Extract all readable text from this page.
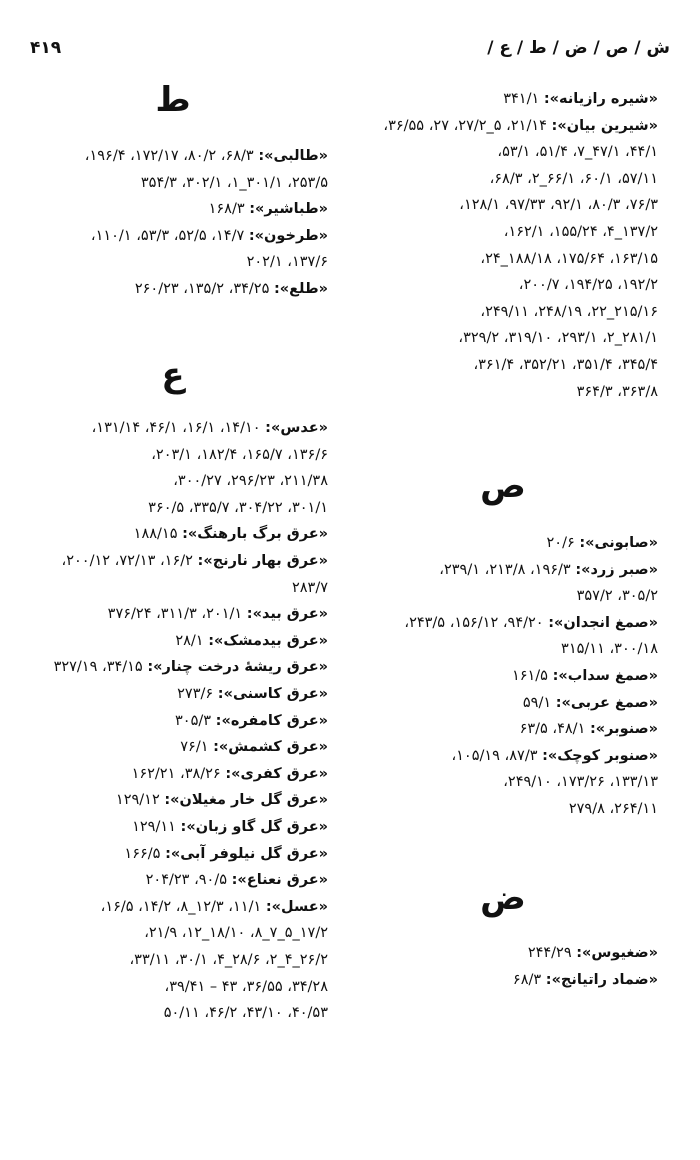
۴۱۹	ش / ص / ض / ط / ع /
«شیره رازیانه»: ۳۴۱/۱
«شیرین بیان»: ۲۱/۱۴، ۵_۲۷/۲، ۲۷، ۳۶/۵۵،
۴۴/۱، ۴۷/۱_۷، ۵۱/۴، ۵۳/۱،
۵۷/۱۱، ۶۰/۱، ۶۶/۱_۲، ۶۸/۳،
۷۶/۳، ۸۰/۳، ۹۲/۱، ۹۷/۳۳، ۱۲۸/۱،
۱۳۷/۲_۴، ۱۵۵/۲۴، ۱۶۲/۱،
۱۶۳/۱۵، ۱۷۵/۶۴، ۱۸۸/۱۸_۲۴،
۱۹۲/۲، ۱۹۴/۲۵، ۲۰۰/۷،
۲۱۵/۱۶_۲۲، ۲۴۸/۱۹، ۲۴۹/۱۱،
۲۸۱/۱_۲، ۲۹۳/۱، ۳۱۹/۱۰، ۳۲۹/۲،
۳۴۵/۴، ۳۵۱/۴، ۳۵۲/۲۱، ۳۶۱/۴،
۳۶۳/۸، ۳۶۴/۳
ص
«صابونی»: ۲۰/۶
«صبر زرد»: ۱۹۶/۳، ۲۱۳/۸، ۲۳۹/۱،
۳۰۵/۲، ۳۵۷/۲
«صمغ انجدان»: ۹۴/۲۰، ۱۵۶/۱۲، ۲۴۳/۵،
۳۰۰/۱۸، ۳۱۵/۱۱
«صمغ سداب»: ۱۶۱/۵
«صمغ عربی»: ۵۹/۱
«صنوبر»: ۴۸/۱، ۶۳/۵
«صنوبر کوچک»: ۸۷/۳، ۱۰۵/۱۹،
۱۳۳/۱۳، ۱۷۳/۲۶، ۲۴۹/۱۰،
۲۶۴/۱۱، ۲۷۹/۸
ض
«ضغیوس»: ۲۴۴/۲۹
«ضماد راتیانج»: ۶۸/۳
ط
«طالبی»: ۶۸/۳، ۸۰/۲، ۱۷۲/۱۷، ۱۹۶/۴،
۲۵۳/۵، ۳۰۱/۱_۱، ۳۰۲/۱، ۳۵۴/۳
«طباشیر»: ۱۶۸/۳
«طرخون»: ۱۴/۷، ۵۲/۵، ۵۳/۳، ۱۱۰/۱،
۱۳۷/۶، ۲۰۲/۱
«طلع»: ۳۴/۲۵، ۱۳۵/۲، ۲۶۰/۲۳
ع
«عدس»: ۱۴/۱۰، ۱۶/۱، ۴۶/۱، ۱۳۱/۱۴،
۱۳۶/۶، ۱۶۵/۷، ۱۸۲/۴، ۲۰۳/۱،
۲۱۱/۳۸، ۲۹۶/۲۳، ۳۰۰/۲۷،
۳۰۱/۱، ۳۰۴/۲۲، ۳۳۵/۷، ۳۶۰/۵
«عرق برگ بارهنگ»: ۱۸۸/۱۵
«عرق بهار نارنج»: ۱۶/۲، ۷۲/۱۳، ۲۰۰/۱۲،
۲۸۳/۷
«عرق بید»: ۲۰۱/۱، ۳۱۱/۳، ۳۷۶/۲۴
«عرق بیدمشک»: ۲۸/۱
«عرق ریشهٔ درخت چنار»: ۳۴/۱۵، ۳۲۷/۱۹
«عرق کاسنی»: ۲۷۳/۶
«عرق کامفره»: ۳۰۵/۳
«عرق کشمش»: ۷۶/۱
«عرق کفری»: ۳۸/۲۶، ۱۶۲/۲۱
«عرق گل خار مغیلان»: ۱۲۹/۱۲
«عرق گل گاو زبان»: ۱۲۹/۱۱
«عرق گل نیلوفر آبی»: ۱۶۶/۵
«عرق نعناع»: ۹۰/۵، ۲۰۴/۲۳
«عسل»: ۱۱/۱، ۱۲/۳_۸، ۱۴/۲، ۱۶/۵،
۱۷/۲_۵_۷_۸، ۱۸/۱۰_۱۲، ۲۱/۹،
۲۶/۲_۴_۲، ۲۸/۶_۴، ۳۰/۱، ۳۳/۱۱،
۳۴/۲۸، ۳۶/۵۵، ۴۳ – ۳۹/۴۱،
۴۰/۵۳، ۴۳/۱۰، ۴۶/۲، ۵۰/۱۱
